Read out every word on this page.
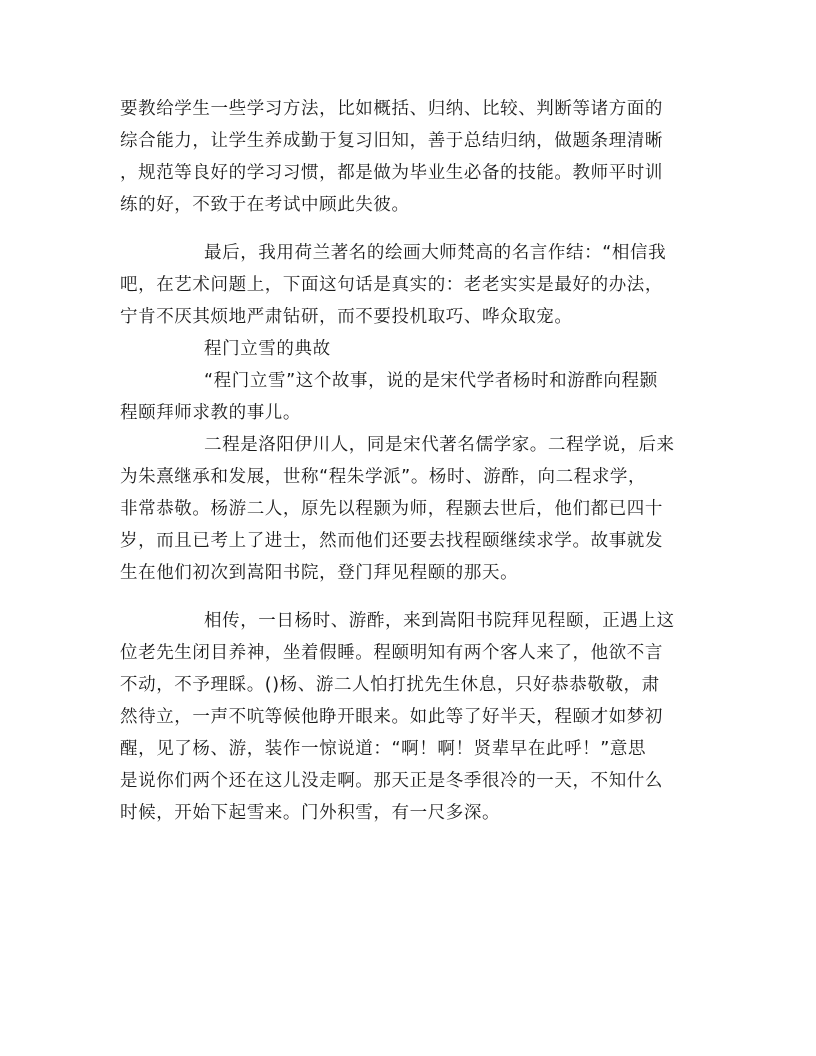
要教给学生一些学习方法，比如概括、归纳、比较、判断等诸方面的
综合能力，让学生养成勤于复习旧知，善于总结归纳，做题条理清晰
，规范等良好的学习习惯，都是做为毕业生必备的技能。教师平时训
练的好，不致于在考试中顾此失彼。
最后，我用荷兰著名的绘画大师梵高的名言作结：“相信我
吧，在艺术问题上，下面这句话是真实的：老老实实是最好的办法，
宁肯不厌其烦地严肃钻研，而不要投机取巧、哗众取宠。
程门立雪的典故
“程门立雪”这个故事，说的是宋代学者杨时和游酢向程颢
程颐拜师求教的事儿。
二程是洛阳伊川人，同是宋代著名儒学家。二程学说，后来
为朱熹继承和发展，世称“程朱学派”。杨时、游酢，向二程求学，
非常恭敬。杨游二人，原先以程颢为师，程颢去世后，他们都已四十
岁，而且已考上了进士，然而他们还要去找程颐继续求学。故事就发
生在他们初次到嵩阳书院，登门拜见程颐的那天。
相传，一日杨时、游酢，来到嵩阳书院拜见程颐，正遇上这
位老先生闭目养神，坐着假睡。程颐明知有两个客人来了，他欲不言
不动，不予理睬。()杨、游二人怕打扰先生休息，只好恭恭敬敬，肃
然待立，一声不吭等候他睁开眼来。如此等了好半天，程颐才如梦初
醒，见了杨、游，装作一惊说道：“啊！啊！贤辈早在此呼！”意思
是说你们两个还在这儿没走啊。那天正是冬季很冷的一天，不知什么
时候，开始下起雪来。门外积雪，有一尺多深。
